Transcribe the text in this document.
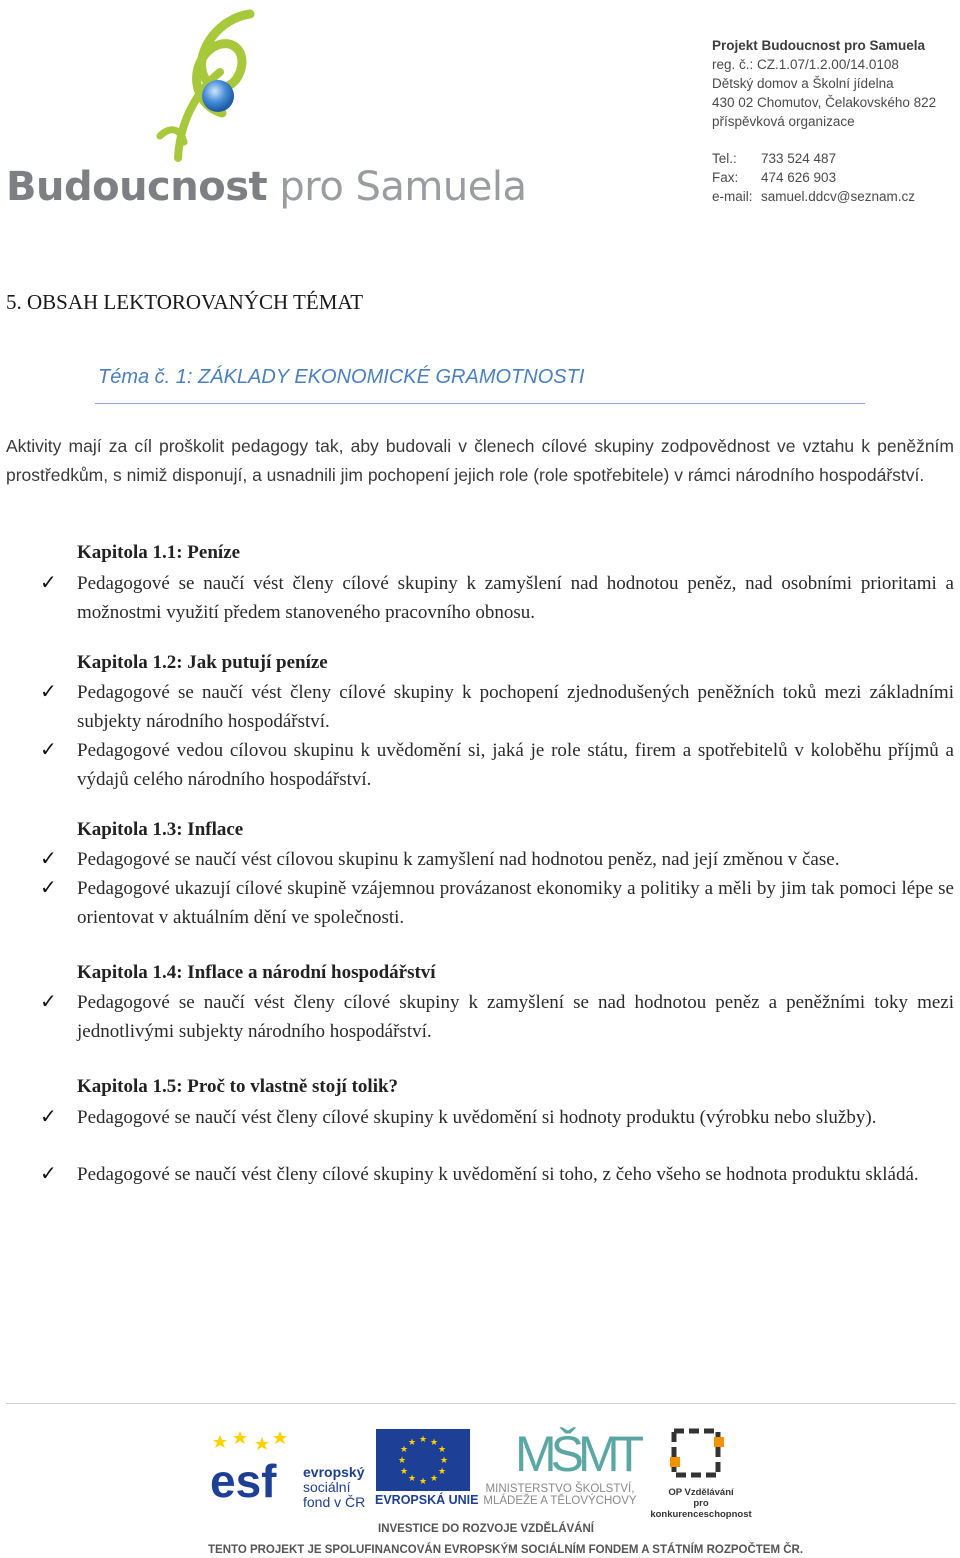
Budoucnost pro Samuela
Projekt Budoucnost pro Samuela
reg. č.: CZ.1.07/1.2.00/14.0108
Dětský domov a Školní jídelna
430 02 Chomutov, Čelakovského 822
příspěvková organizace
Tel.:	733 524 487
Fax:	474 626 903
e-mail: samuel.ddcv@seznam.cz
5. OBSAH LEKTOROVANÝCH TÉMAT
Téma č. 1: ZÁKLADY EKONOMICKÉ GRAMOTNOSTI
Aktivity mají za cíl proškolit pedagogy tak, aby budovali v členech cílové skupiny zodpovědnost ve vztahu k peněžním prostředkům, s nimiž disponují, a usnadnili jim pochopení jejich role (role spotřebitele) v rámci národního hospodářství.
Kapitola 1.1: Peníze
✓	Pedagogové se naučí vést členy cílové skupiny k zamyšlení nad hodnotou peněz, nad osobními prioritami a možnostmi využití předem stanoveného pracovního obnosu.
Kapitola 1.2: Jak putují peníze
✓	Pedagogové se naučí vést členy cílové skupiny k pochopení zjednodušených peněžních toků mezi základními subjekty národního hospodářství.
✓	Pedagogové vedou cílovou skupinu k uvědomění si, jaká je role státu, firem a spotřebitelů v koloběhu příjmů a výdajů celého národního hospodářství.
Kapitola 1.3: Inflace
✓	Pedagogové se naučí vést cílovou skupinu k zamyšlení nad hodnotou peněz, nad její změnou v čase.
✓	Pedagogové ukazují cílové skupině vzájemnou provázanost ekonomiky a politiky a měli by jim tak pomoci lépe se orientovat v aktuálním dění ve společnosti.
Kapitola 1.4: Inflace a národní hospodářství
✓	Pedagogové se naučí vést členy cílové skupiny k zamyšlení se nad hodnotou peněz a peněžními toky mezi jednotlivými subjekty národního hospodářství.
Kapitola 1.5: Proč to vlastně stojí tolik?
✓	Pedagogové se naučí vést členy cílové skupiny k uvědomění si hodnoty produktu (výrobku nebo služby).
✓	Pedagogové se naučí vést členy cílové skupiny k uvědomění si toho, z čeho všeho se hodnota produktu skládá.
esf evropský
sociální
fond v ČR
★ ★
★
★
★
★
★
★
★
★
★
★
EVROPSKÁ UNIE
MŠMT
MINISTERSTVO ŠKOLSTVÍ,
MLÁDEŽE A TĚLOVÝCHOVY
OP Vzdělávání
pro konkurenceschopnost
INVESTICE DO ROZVOJE VZDĚLÁVÁNÍ
TENTO PROJEKT JE SPOLUFINANCOVÁN EVROPSKÝM SOCIÁLNÍM FONDEM A STÁTNÍM ROZPOČTEM ČR.
